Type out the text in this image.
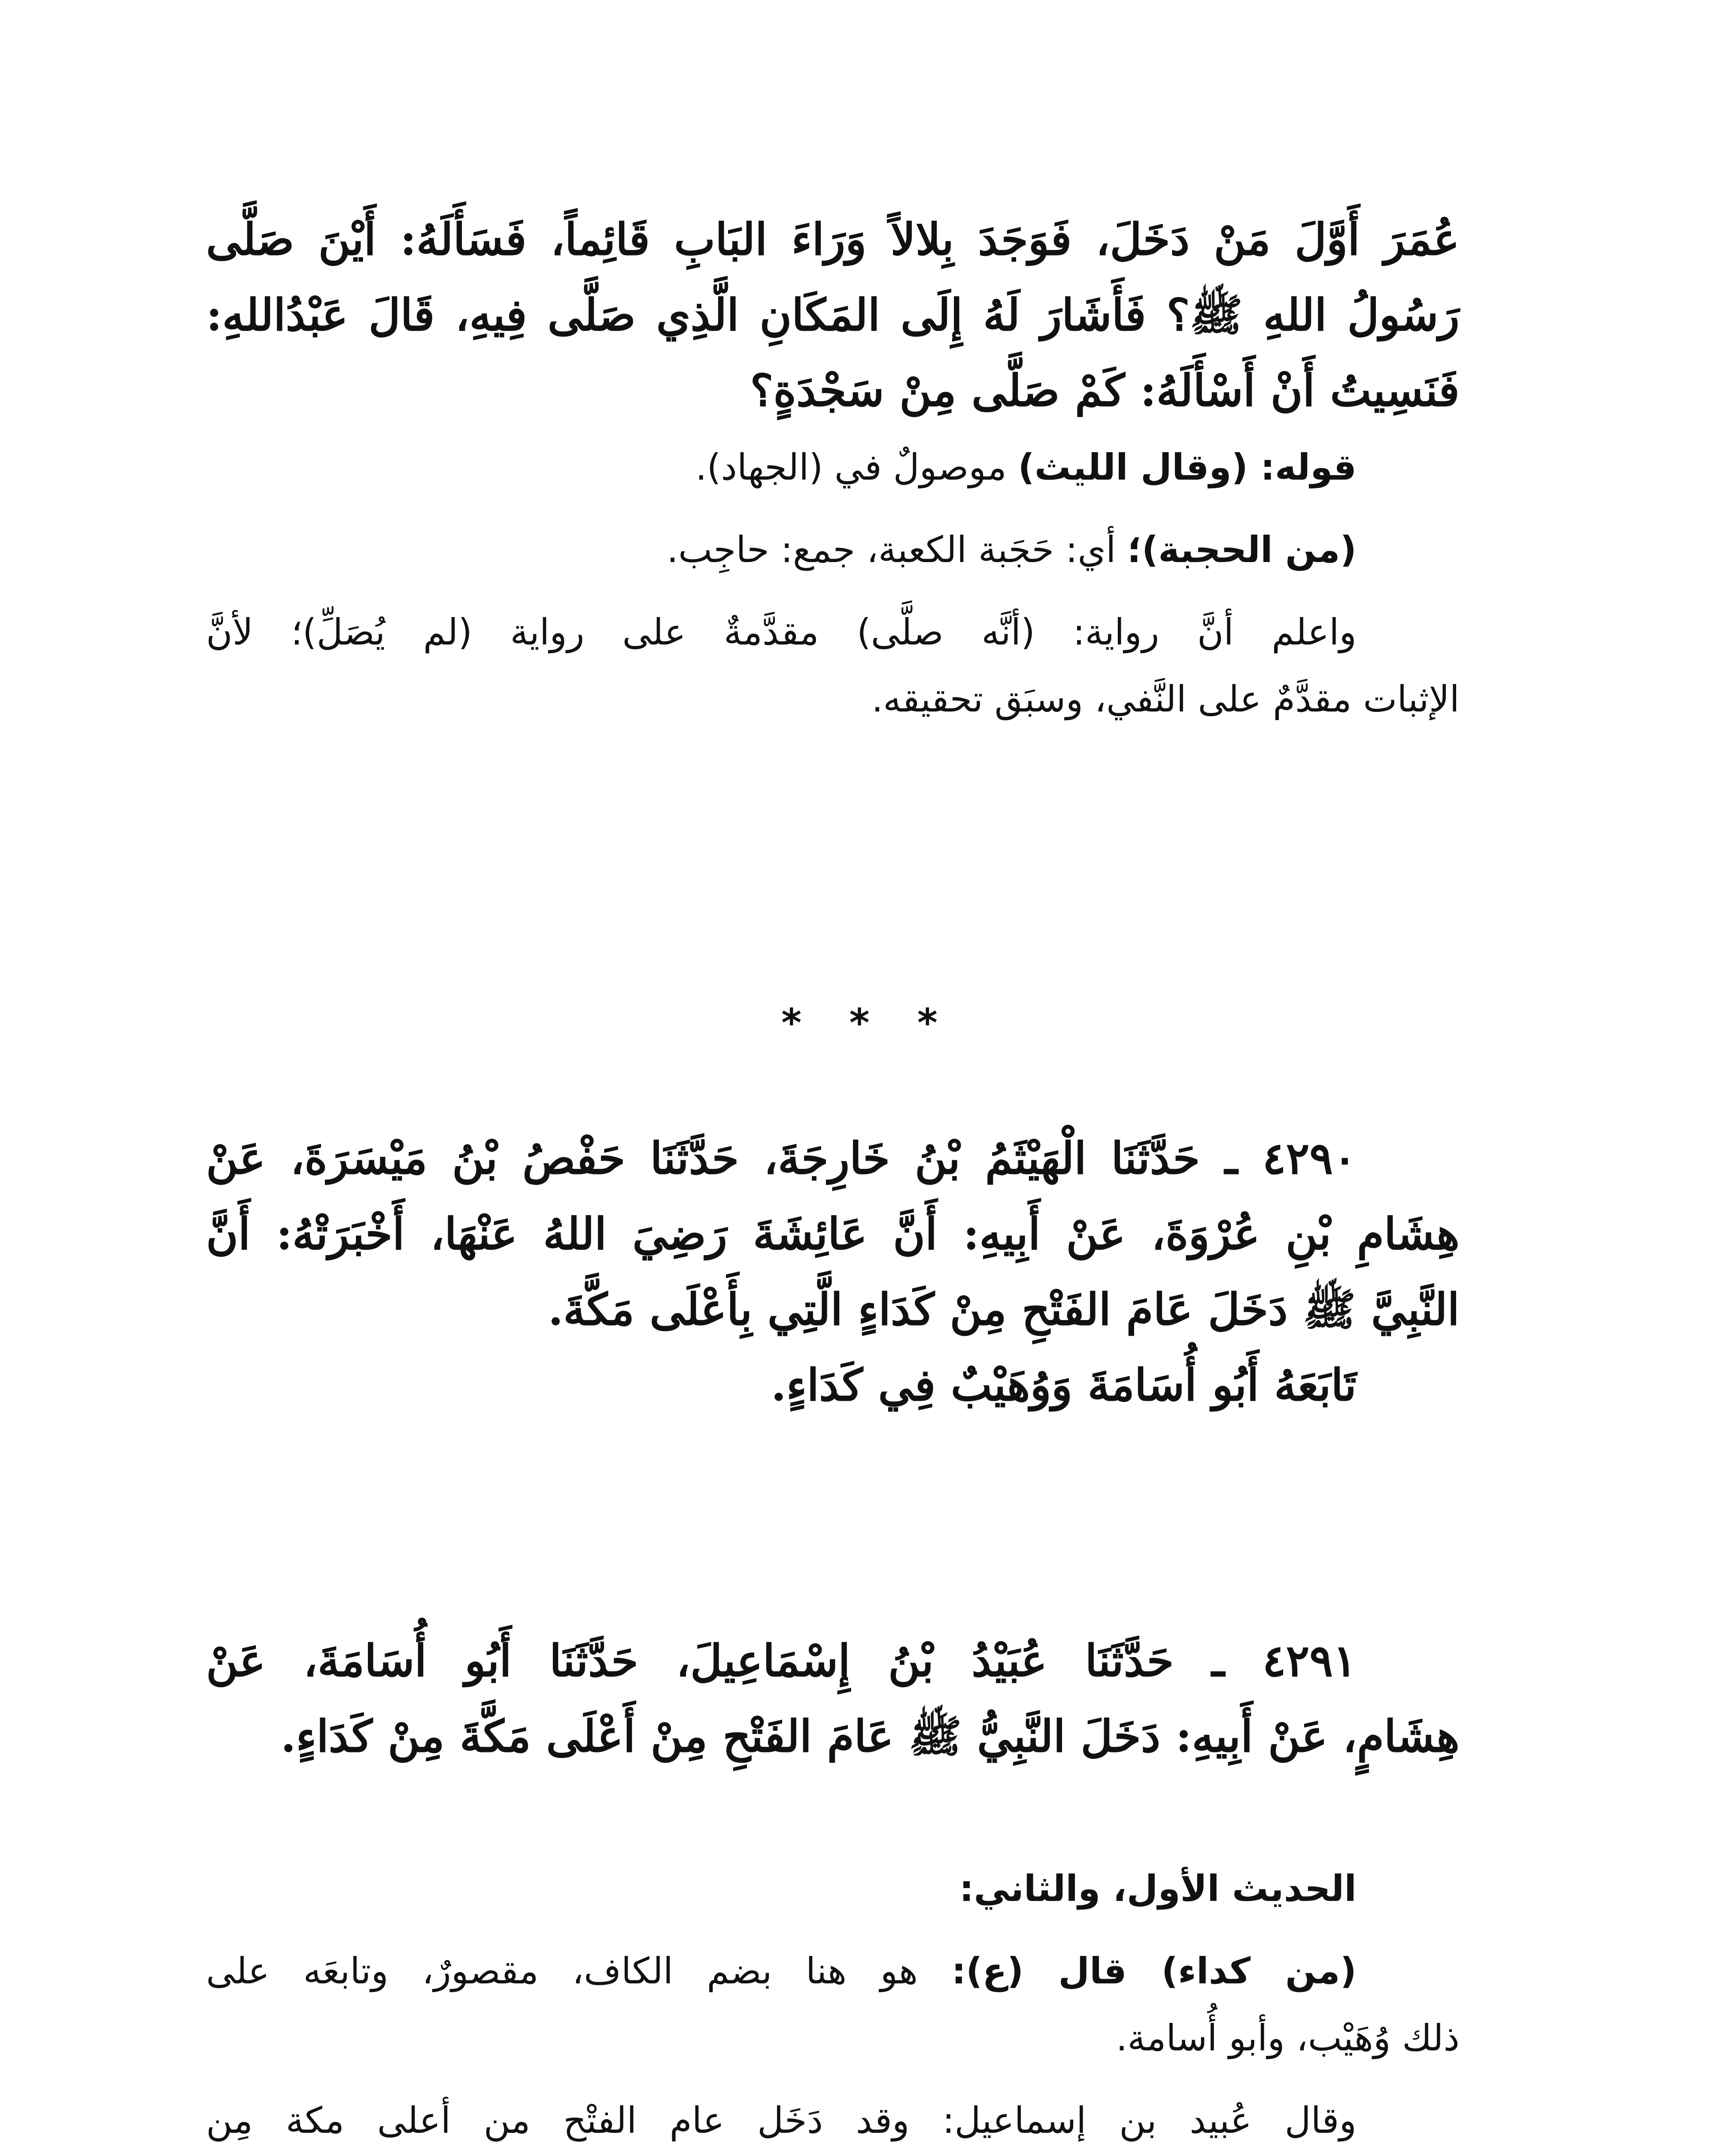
عُمَرَ أَوَّلَ مَنْ دَخَلَ، فَوَجَدَ بِلالاً وَرَاءَ البَابِ قَائِماً، فَسَأَلَهُ: أَيْنَ صَلَّى
رَسُولُ اللهِ ﷺ؟ فَأَشَارَ لَهُ إِلَى المَكَانِ الَّذِي صَلَّى فِيهِ، قَالَ عَبْدُاللهِ:
فَنَسِيتُ أَنْ أَسْأَلَهُ: كَمْ صَلَّى مِنْ سَجْدَةٍ؟
قوله: (وقال الليث) موصولٌ في (الجهاد).
(من الحجبة)؛ أي: حَجَبة الكعبة، جمع: حاجِب.
واعلم أنَّ رواية: (أنَّه صلَّى) مقدَّمةٌ على رواية (لم يُصَلِّ)؛ لأنَّ
الإثبات مقدَّمٌ على النَّفي، وسبَق تحقيقه.
* * *
٤٢٩٠ ـ حَدَّثَنَا الْهَيْثَمُ بْنُ خَارِجَةَ، حَدَّثَنَا حَفْصُ بْنُ مَيْسَرَةَ، عَنْ
هِشَامِ بْنِ عُرْوَةَ، عَنْ أَبِيهِ: أَنَّ عَائِشَةَ رَضِيَ اللهُ عَنْهَا، أَخْبَرَتْهُ: أَنَّ
النَّبِيَّ ﷺ دَخَلَ عَامَ الفَتْحِ مِنْ كَدَاءٍ الَّتِي بِأَعْلَى مَكَّةَ.
تَابَعَهُ أَبُو أُسَامَةَ وَوُهَيْبٌ فِي كَدَاءٍ.
٤٢٩١ ـ حَدَّثَنَا عُبَيْدُ بْنُ إِسْمَاعِيلَ، حَدَّثَنَا أَبُو أُسَامَةَ، عَنْ
هِشَامٍ، عَنْ أَبِيهِ: دَخَلَ النَّبِيُّ ﷺ عَامَ الفَتْحِ مِنْ أَعْلَى مَكَّةَ مِنْ كَدَاءٍ.
الحديث الأول، والثاني:
(من كداء) قال (ع): هو هنا بضم الكاف، مقصورٌ، وتابعَه على
ذلك وُهَيْب، وأبو أُسامة.
وقال عُبيد بن إسماعيل: وقد دَخَل عام الفتْح من أعلى مكة مِن
